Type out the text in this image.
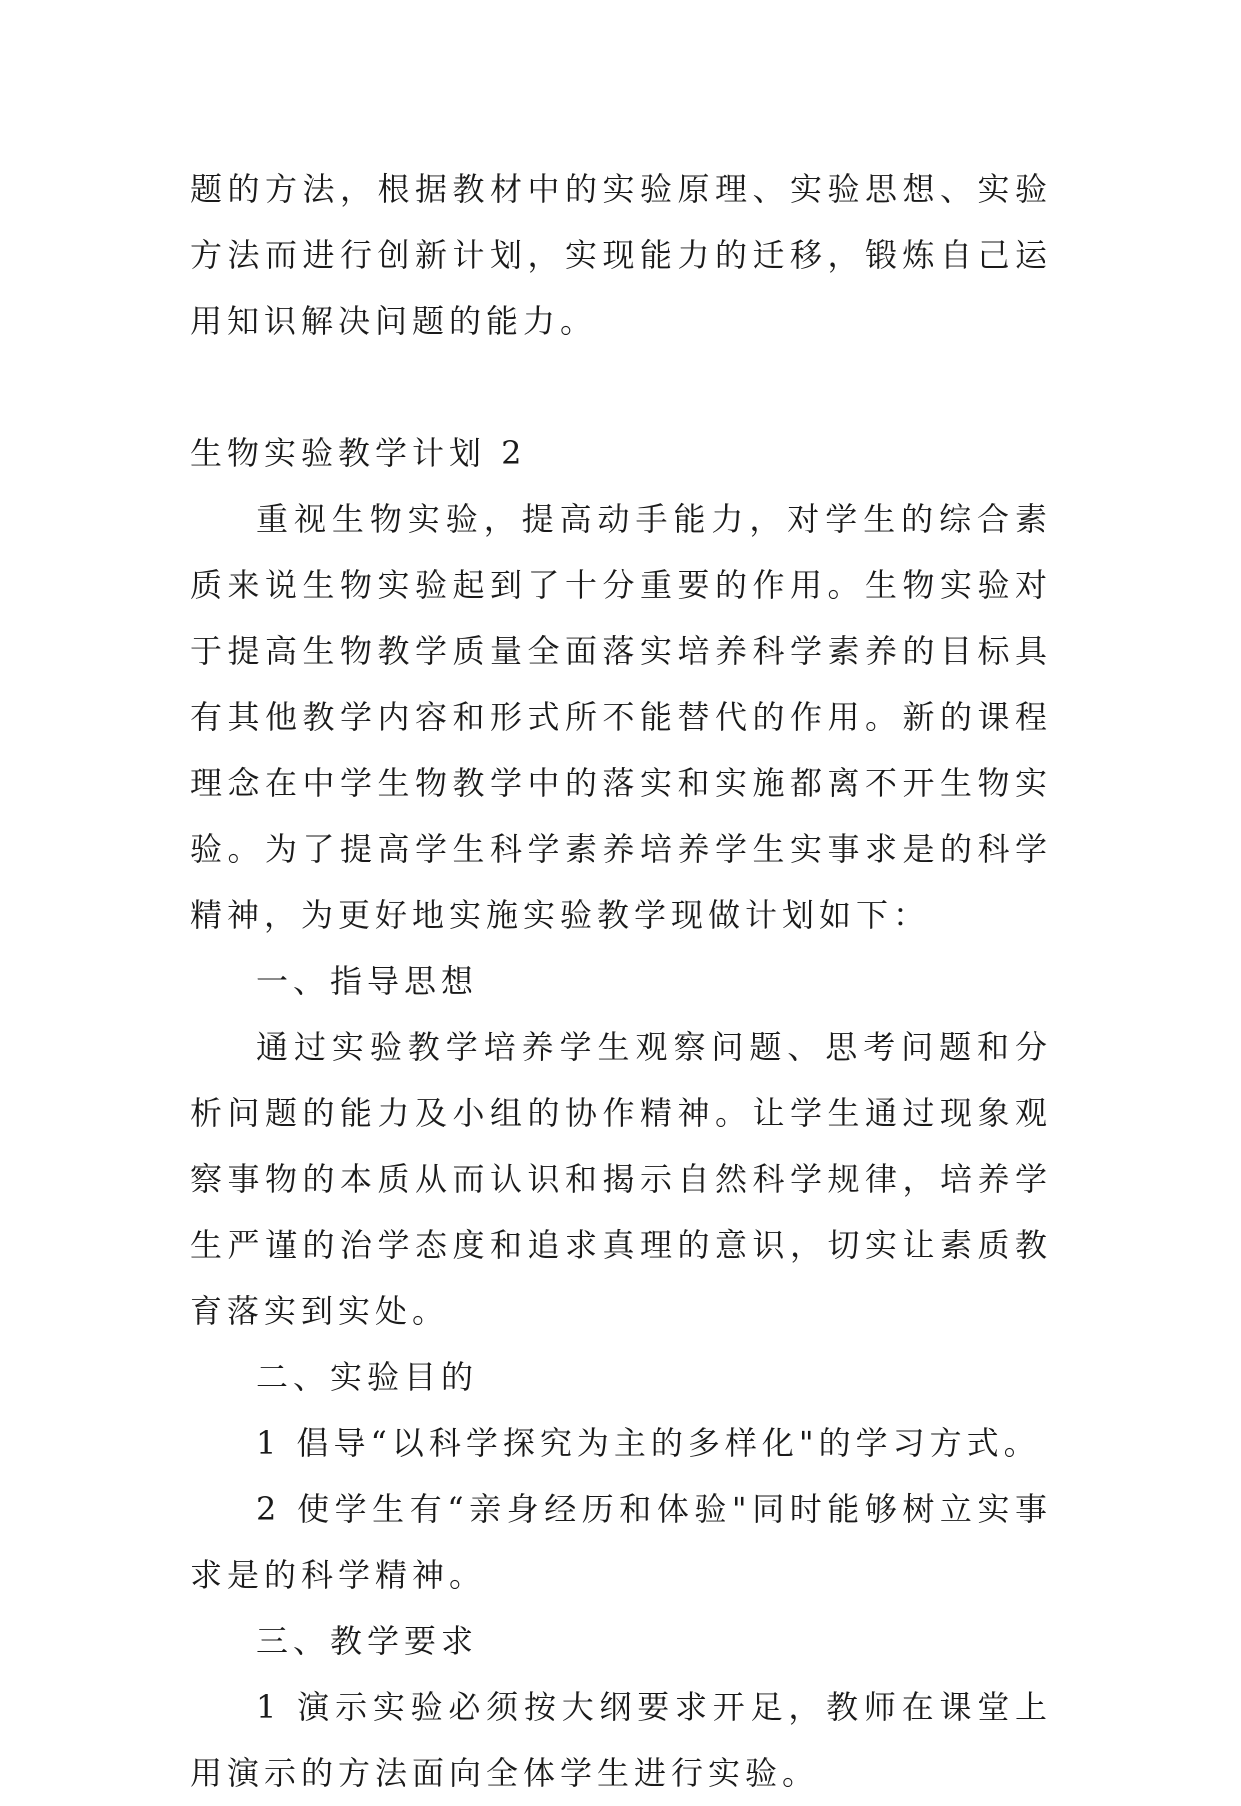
题的方法，根据教材中的实验原理、实验思想、实验方法而进行创新计划，实现能力的迁移，锻炼自己运用知识解决问题的能力。

生物实验教学计划 2

重视生物实验，提高动手能力，对学生的综合素质来说生物实验起到了十分重要的作用。生物实验对于提高生物教学质量全面落实培养科学素养的目标具有其他教学内容和形式所不能替代的作用。新的课程理念在中学生物教学中的落实和实施都离不开生物实验。为了提高学生科学素养培养学生实事求是的科学精神，为更好地实施实验教学现做计划如下：

一、指导思想

通过实验教学培养学生观察问题、思考问题和分析问题的能力及小组的协作精神。让学生通过现象观察事物的本质从而认识和揭示自然科学规律，培养学生严谨的治学态度和追求真理的意识，切实让素质教育落实到实处。

二、实验目的

1 倡导“以科学探究为主的多样化"的学习方式。

2 使学生有“亲身经历和体验"同时能够树立实事求是的科学精神。

三、教学要求

1 演示实验必须按大纲要求开足，教师在课堂上用演示的方法面向全体学生进行实验。
